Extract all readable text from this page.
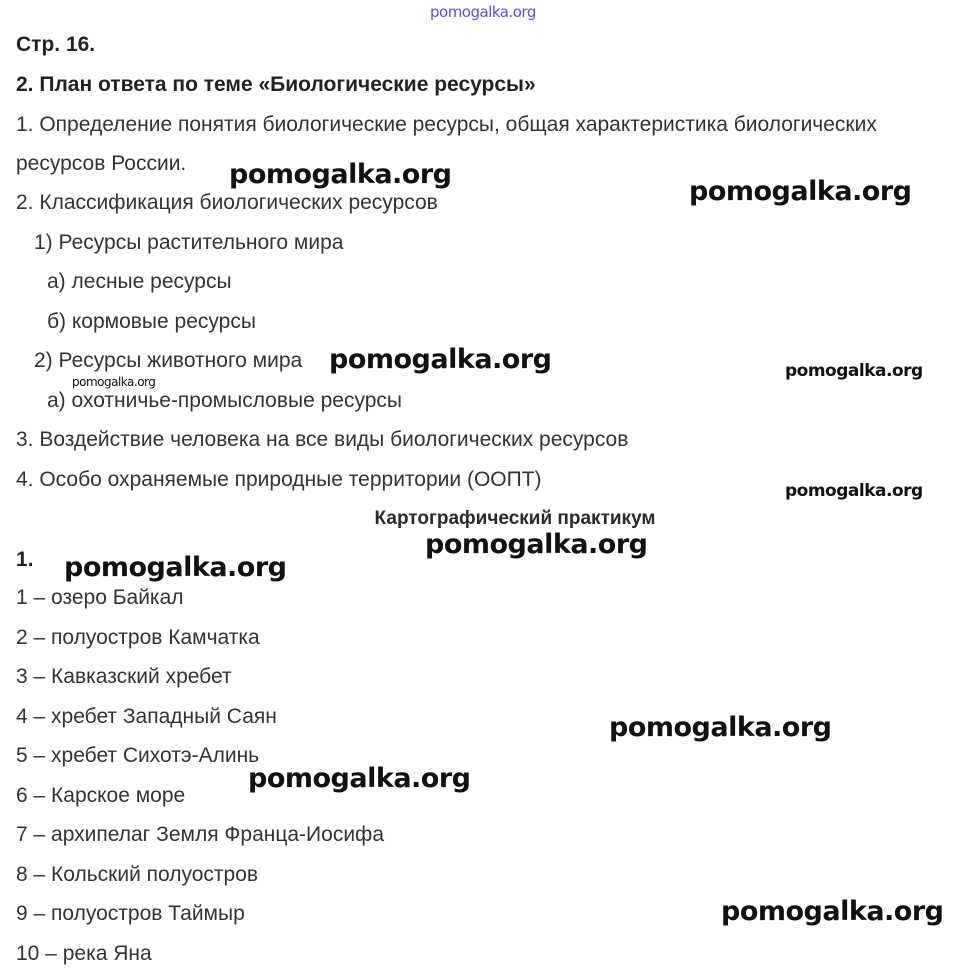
pomogalka.org
Стр. 16.
2. План ответа по теме «Биологические ресурсы»
1. Определение понятия биологические ресурсы, общая характеристика биологических
ресурсов России.
2. Классификация биологических ресурсов
1) Ресурсы растительного мира
а) лесные ресурсы
б) кормовые ресурсы
2) Ресурсы животного мира
а) охотничье-промысловые ресурсы
3. Воздействие человека на все виды биологических ресурсов
4. Особо охраняемые природные территории (ООПТ)
Картографический практикум
1.
1 – озеро Байкал
2 – полуостров Камчатка
3 – Кавказский хребет
4 – хребет Западный Саян
5 – хребет Сихотэ-Алинь
6 – Карское море
7 – архипелаг Земля Франца-Иосифа
8 – Кольский полуостров
9 – полуостров Таймыр
10 – река Яна
pomogalka.org
pomogalka.org
pomogalka.org	pomogalka.org
pomogalka.org
pomogalka.org
pomogalka.org
pomogalka.org
pomogalka.org
pomogalka.org
pomogalka.org
